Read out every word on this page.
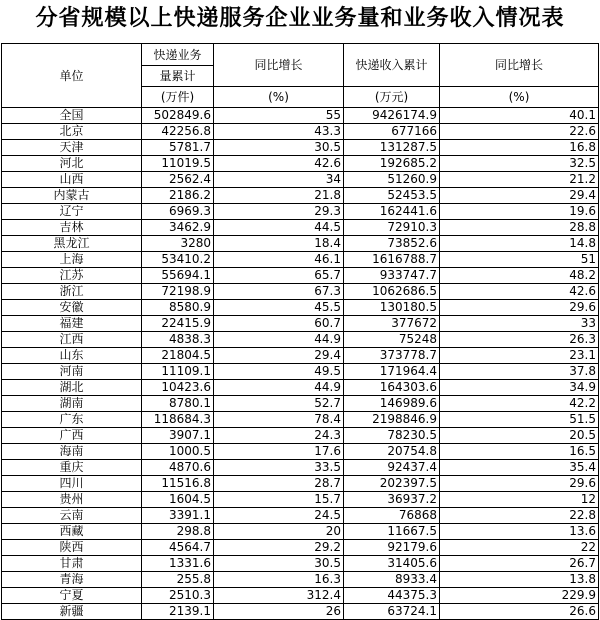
分省规模以上快递服务企业业务量和业务收入情况表
单位	快递业务	同比增长	快递收入累计	同比增长
	量累计			
	(万件)	(%)	(万元)	(%)
全国	502849.6	55	9426174.9	40.1
北京	42256.8	43.3	677166	22.6
天津	5781.7	30.5	131287.5	16.8
河北	11019.5	42.6	192685.2	32.5
山西	2562.4	34	51260.9	21.2
内蒙古	2186.2	21.8	52453.5	29.4
辽宁	6969.3	29.3	162441.6	19.6
吉林	3462.9	44.5	72910.3	28.8
黑龙江	3280	18.4	73852.6	14.8
上海	53410.2	46.1	1616788.7	51
江苏	55694.1	65.7	933747.7	48.2
浙江	72198.9	67.3	1062686.5	42.6
安徽	8580.9	45.5	130180.5	29.6
福建	22415.9	60.7	377672	33
江西	4838.3	44.9	75248	26.3
山东	21804.5	29.4	373778.7	23.1
河南	11109.1	49.5	171964.4	37.8
湖北	10423.6	44.9	164303.6	34.9
湖南	8780.1	52.7	146989.6	42.2
广东	118684.3	78.4	2198846.9	51.5
广西	3907.1	24.3	78230.5	20.5
海南	1000.5	17.6	20754.8	16.5
重庆	4870.6	33.5	92437.4	35.4
四川	11516.8	28.7	202397.5	29.6
贵州	1604.5	15.7	36937.2	12
云南	3391.1	24.5	76868	22.8
西藏	298.8	20	11667.5	13.6
陕西	4564.7	29.2	92179.6	22
甘肃	1331.6	30.5	31405.6	26.7
青海	255.8	16.3	8933.4	13.8
宁夏	2510.3	312.4	44375.3	229.9
新疆	2139.1	26	63724.1	26.6
